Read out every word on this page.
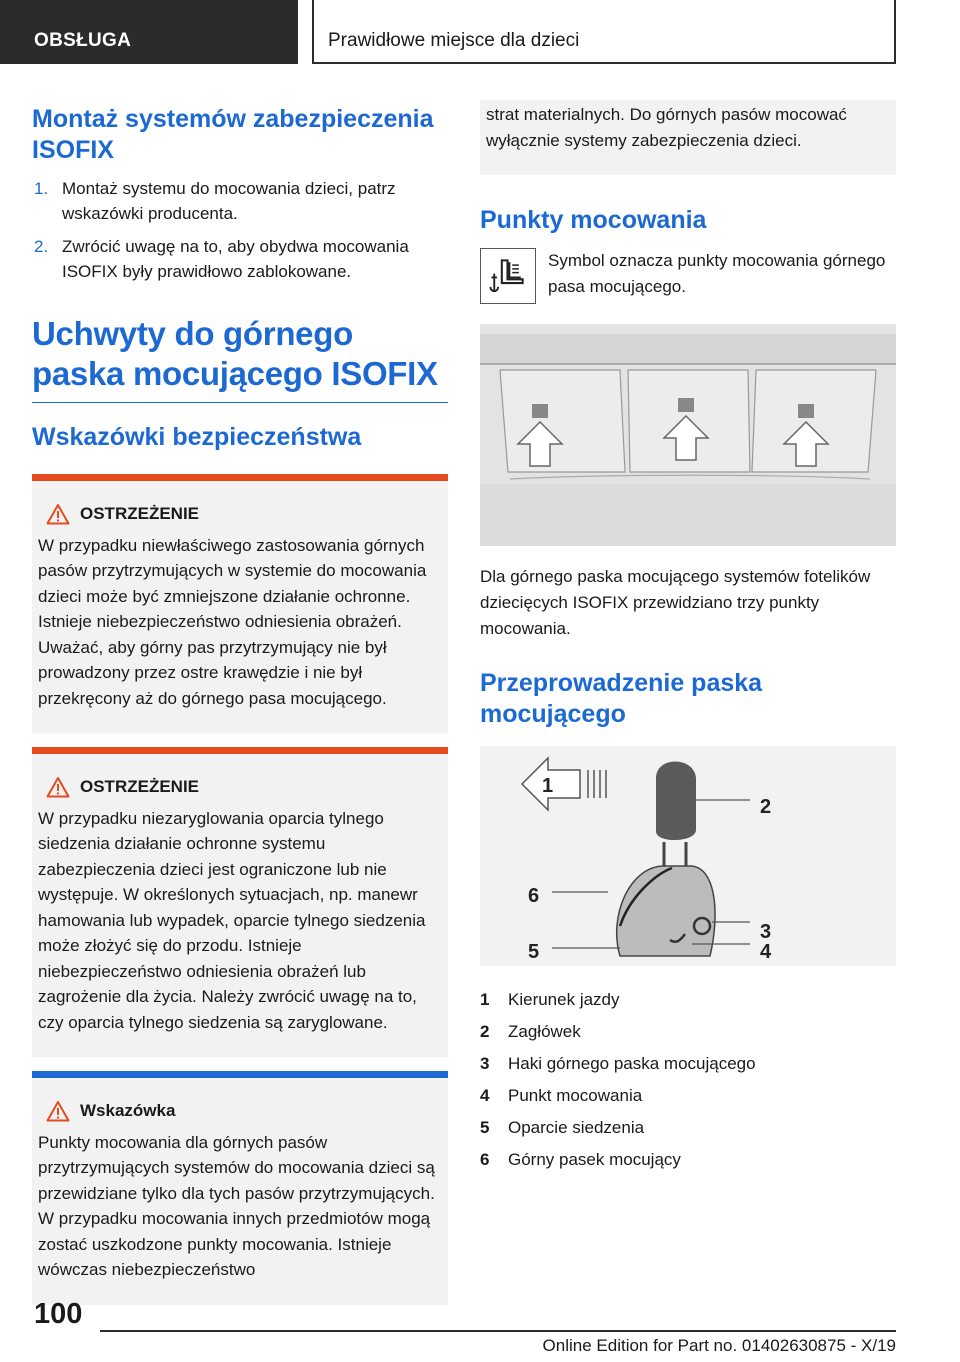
OBSŁUGA	Prawidłowe miejsce dla dzieci
Montaż systemów zabezpieczenia ISOFIX
1. Montaż systemu do mocowania dzieci, patrz wskazówki producenta.
2. Zwrócić uwagę na to, aby obydwa mocowania ISOFIX były prawidłowo zablokowane.
Uchwyty do górnego paska mocującego ISOFIX
Wskazówki bezpieczeństwa
OSTRZEŻENIE
W przypadku niewłaściwego zastosowania górnych pasów przytrzymujących w systemie do mocowania dzieci może być zmniejszone działanie ochronne. Istnieje niebezpieczeństwo odniesienia obrażeń. Uważać, aby górny pas przytrzymujący nie był prowadzony przez ostre krawędzie i nie był przekręcony aż do górnego pasa mocującego.
OSTRZEŻENIE
W przypadku niezaryglowania oparcia tylnego siedzenia działanie ochronne systemu zabezpieczenia dzieci jest ograniczone lub nie występuje. W określonych sytuacjach, np. manewr hamowania lub wypadek, oparcie tylnego siedzenia może złożyć się do przodu. Istnieje niebezpieczeństwo odniesienia obrażeń lub zagrożenie dla życia. Należy zwrócić uwagę na to, czy oparcia tylnego siedzenia są zaryglowane.
Wskazówka
Punkty mocowania dla górnych pasów przytrzymujących systemów do mocowania dzieci są przewidziane tylko dla tych pasów przytrzymujących. W przypadku mocowania innych przedmiotów mogą zostać uszkodzone punkty mocowania. Istnieje wówczas niebezpieczeństwo
strat materialnych. Do górnych pasów mocować wyłącznie systemy zabezpieczenia dzieci.
Punkty mocowania
Symbol oznacza punkty mocowania górnego pasa mocującego.
Dla górnego paska mocującego systemów fotelików dziecięcych ISOFIX przewidziano trzy punkty mocowania.
Przeprowadzenie paska mocującego
1
2
3
4
5
6
1	Kierunek jazdy
2	Zagłówek
3	Haki górnego paska mocującego
4	Punkt mocowania
5	Oparcie siedzenia
6	Górny pasek mocujący
100
Online Edition for Part no. 01402630875 - X/19
